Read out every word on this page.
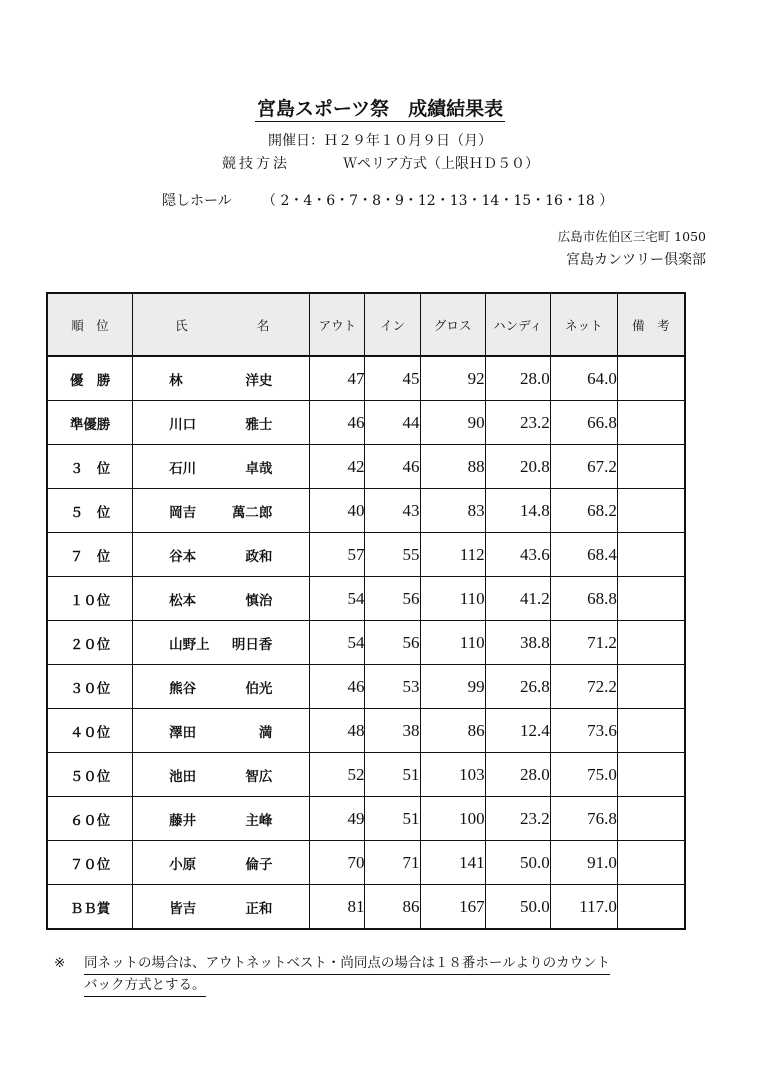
宮島スポーツ祭　成績結果表
開催日：Ｈ２９年１０月９日（月）
競技方法	Ｗペリア方式（上限ＨＤ５０）
隠しホール （ 2・4・6・7・8・9・12・13・14・15・16・18 ）
広島市佐伯区三宅町 1050
宮島カンツリー倶楽部
順　位	氏 名	アウト	イン	グロス	ハンディ	ネット	備　考
優　勝	林 洋史	47	45	92	28.0	64.0	
準優勝	川口 雅士	46	44	90	23.2	66.8	
３　位	石川 卓哉	42	46	88	20.8	67.2	
５　位	岡吉 萬二郎	40	43	83	14.8	68.2	
７　位	谷本 政和	57	55	112	43.6	68.4	
１０位	松本 慎治	54	56	110	41.2	68.8	
２０位	山野上 明日香	54	56	110	38.8	71.2	
３０位	熊谷 伯光	46	53	99	26.8	72.2	
４０位	澤田 満	48	38	86	12.4	73.6	
５０位	池田 智広	52	51	103	28.0	75.0	
６０位	藤井 主峰	49	51	100	23.2	76.8	
７０位	小原 倫子	70	71	141	50.0	91.0	
ＢＢ賞	皆吉 正和	81	86	167	50.0	117.0	
※ 同ネットの場合は、アウトネットベスト・尚同点の場合は１８番ホールよりのカウント
バック方式とする。
